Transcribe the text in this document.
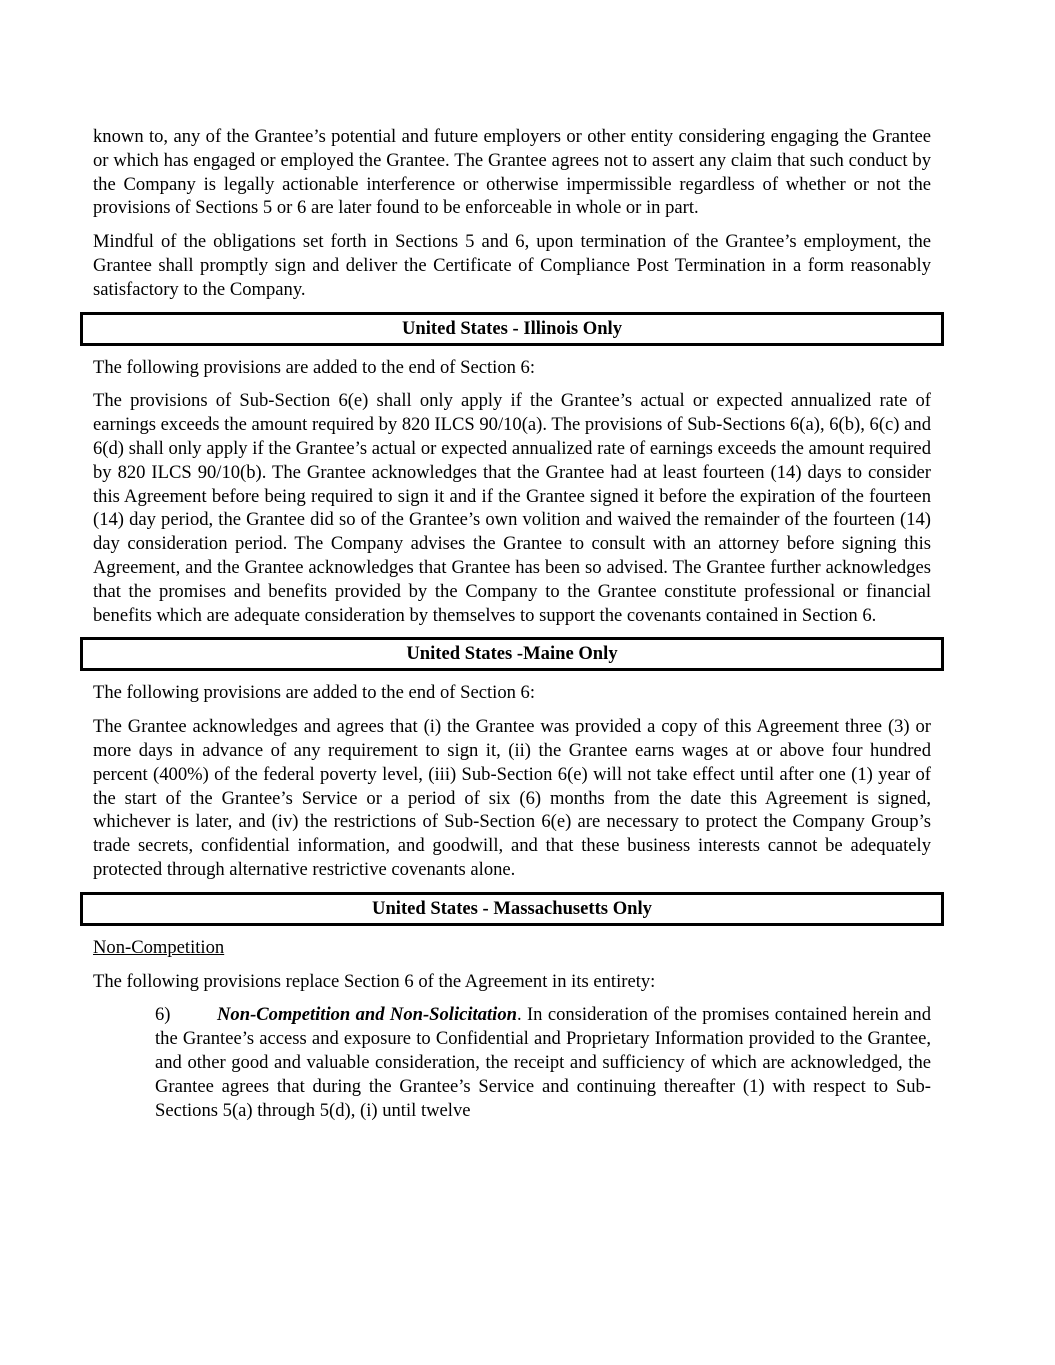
known to, any of the Grantee’s potential and future employers or other entity considering engaging the Grantee or which has engaged or employed the Grantee. The Grantee agrees not to assert any claim that such conduct by the Company is legally actionable interference or otherwise impermissible regardless of whether or not the provisions of Sections 5 or 6 are later found to be enforceable in whole or in part.

Mindful of the obligations set forth in Sections 5 and 6, upon termination of the Grantee’s employment, the Grantee shall promptly sign and deliver the Certificate of Compliance Post Termination in a form reasonably satisfactory to the Company.

United States - Illinois Only

The following provisions are added to the end of Section 6:

The provisions of Sub-Section 6(e) shall only apply if the Grantee’s actual or expected annualized rate of earnings exceeds the amount required by 820 ILCS 90/10(a). The provisions of Sub-Sections 6(a), 6(b), 6(c) and 6(d) shall only apply if the Grantee’s actual or expected annualized rate of earnings exceeds the amount required by 820 ILCS 90/10(b). The Grantee acknowledges that the Grantee had at least fourteen (14) days to consider this Agreement before being required to sign it and if the Grantee signed it before the expiration of the fourteen (14) day period, the Grantee did so of the Grantee’s own volition and waived the remainder of the fourteen (14) day consideration period. The Company advises the Grantee to consult with an attorney before signing this Agreement, and the Grantee acknowledges that Grantee has been so advised. The Grantee further acknowledges that the promises and benefits provided by the Company to the Grantee constitute professional or financial benefits which are adequate consideration by themselves to support the covenants contained in Section 6.

United States -Maine Only

The following provisions are added to the end of Section 6:

The Grantee acknowledges and agrees that (i) the Grantee was provided a copy of this Agreement three (3) or more days in advance of any requirement to sign it, (ii) the Grantee earns wages at or above four hundred percent (400%) of the federal poverty level, (iii) Sub-Section 6(e) will not take effect until after one (1) year of the start of the Grantee’s Service or a period of six (6) months from the date this Agreement is signed, whichever is later, and (iv) the restrictions of Sub-Section 6(e) are necessary to protect the Company Group’s trade secrets, confidential information, and goodwill, and that these business interests cannot be adequately protected through alternative restrictive covenants alone.

United States - Massachusetts Only

Non-Competition

The following provisions replace Section 6 of the Agreement in its entirety:

6)	Non-Competition and Non-Solicitation. In consideration of the promises contained herein and the Grantee’s access and exposure to Confidential and Proprietary Information provided to the Grantee, and other good and valuable consideration, the receipt and sufficiency of which are acknowledged, the Grantee agrees that during the Grantee’s Service and continuing thereafter (1) with respect to Sub-Sections 5(a) through 5(d), (i) until twelve
